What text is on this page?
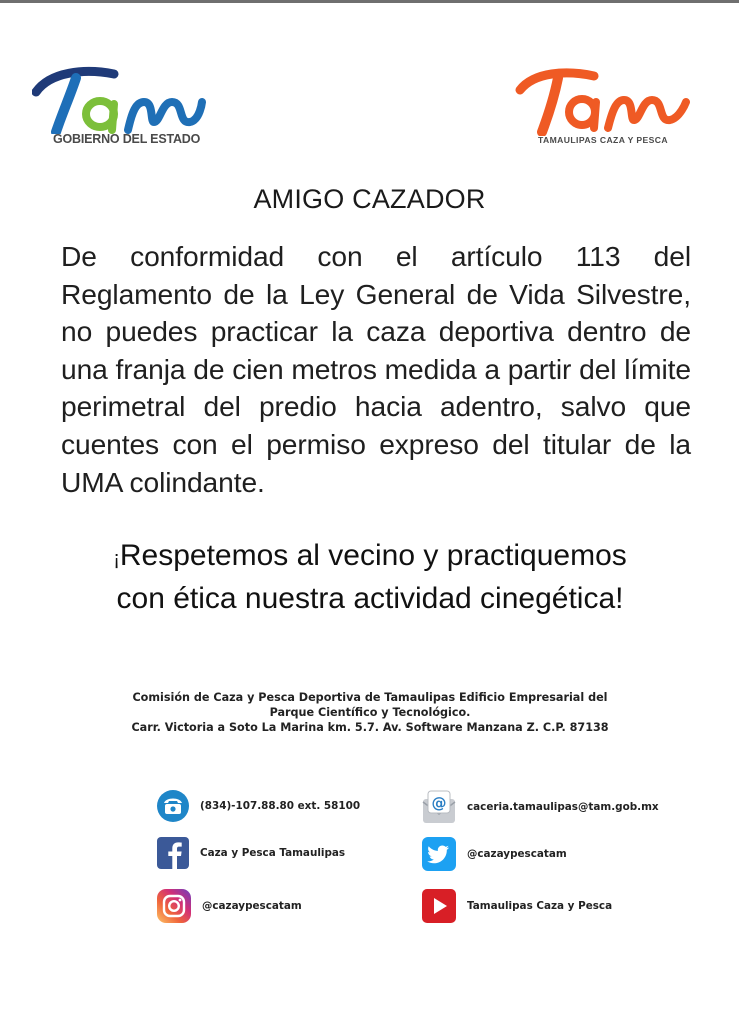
GOBIERNO DEL ESTADO	TAMAULIPAS CAZA Y PESCA
AMIGO CAZADOR

De conformidad con el artículo 113 del Reglamento de la Ley General de Vida Silvestre, no puedes practicar la caza deportiva dentro de una franja de cien metros medida a partir del límite perimetral del predio hacia adentro, salvo que cuentes con el permiso expreso del titular de la UMA colindante.

¡Respetemos al vecino y practiquemos
con ética nuestra actividad cinegética!
Comisión de Caza y Pesca Deportiva de Tamaulipas Edificio Empresarial del
Parque Científico y Tecnológico.
Carr. Victoria a Soto La Marina km. 5.7. Av. Software Manzana Z. C.P. 87138
(834)-107.88.80 ext. 58100	@ caceria.tamaulipas@tam.gob.mx
Caza y Pesca Tamaulipas	@cazaypescatam
@cazaypescatam	Tamaulipas Caza y Pesca
